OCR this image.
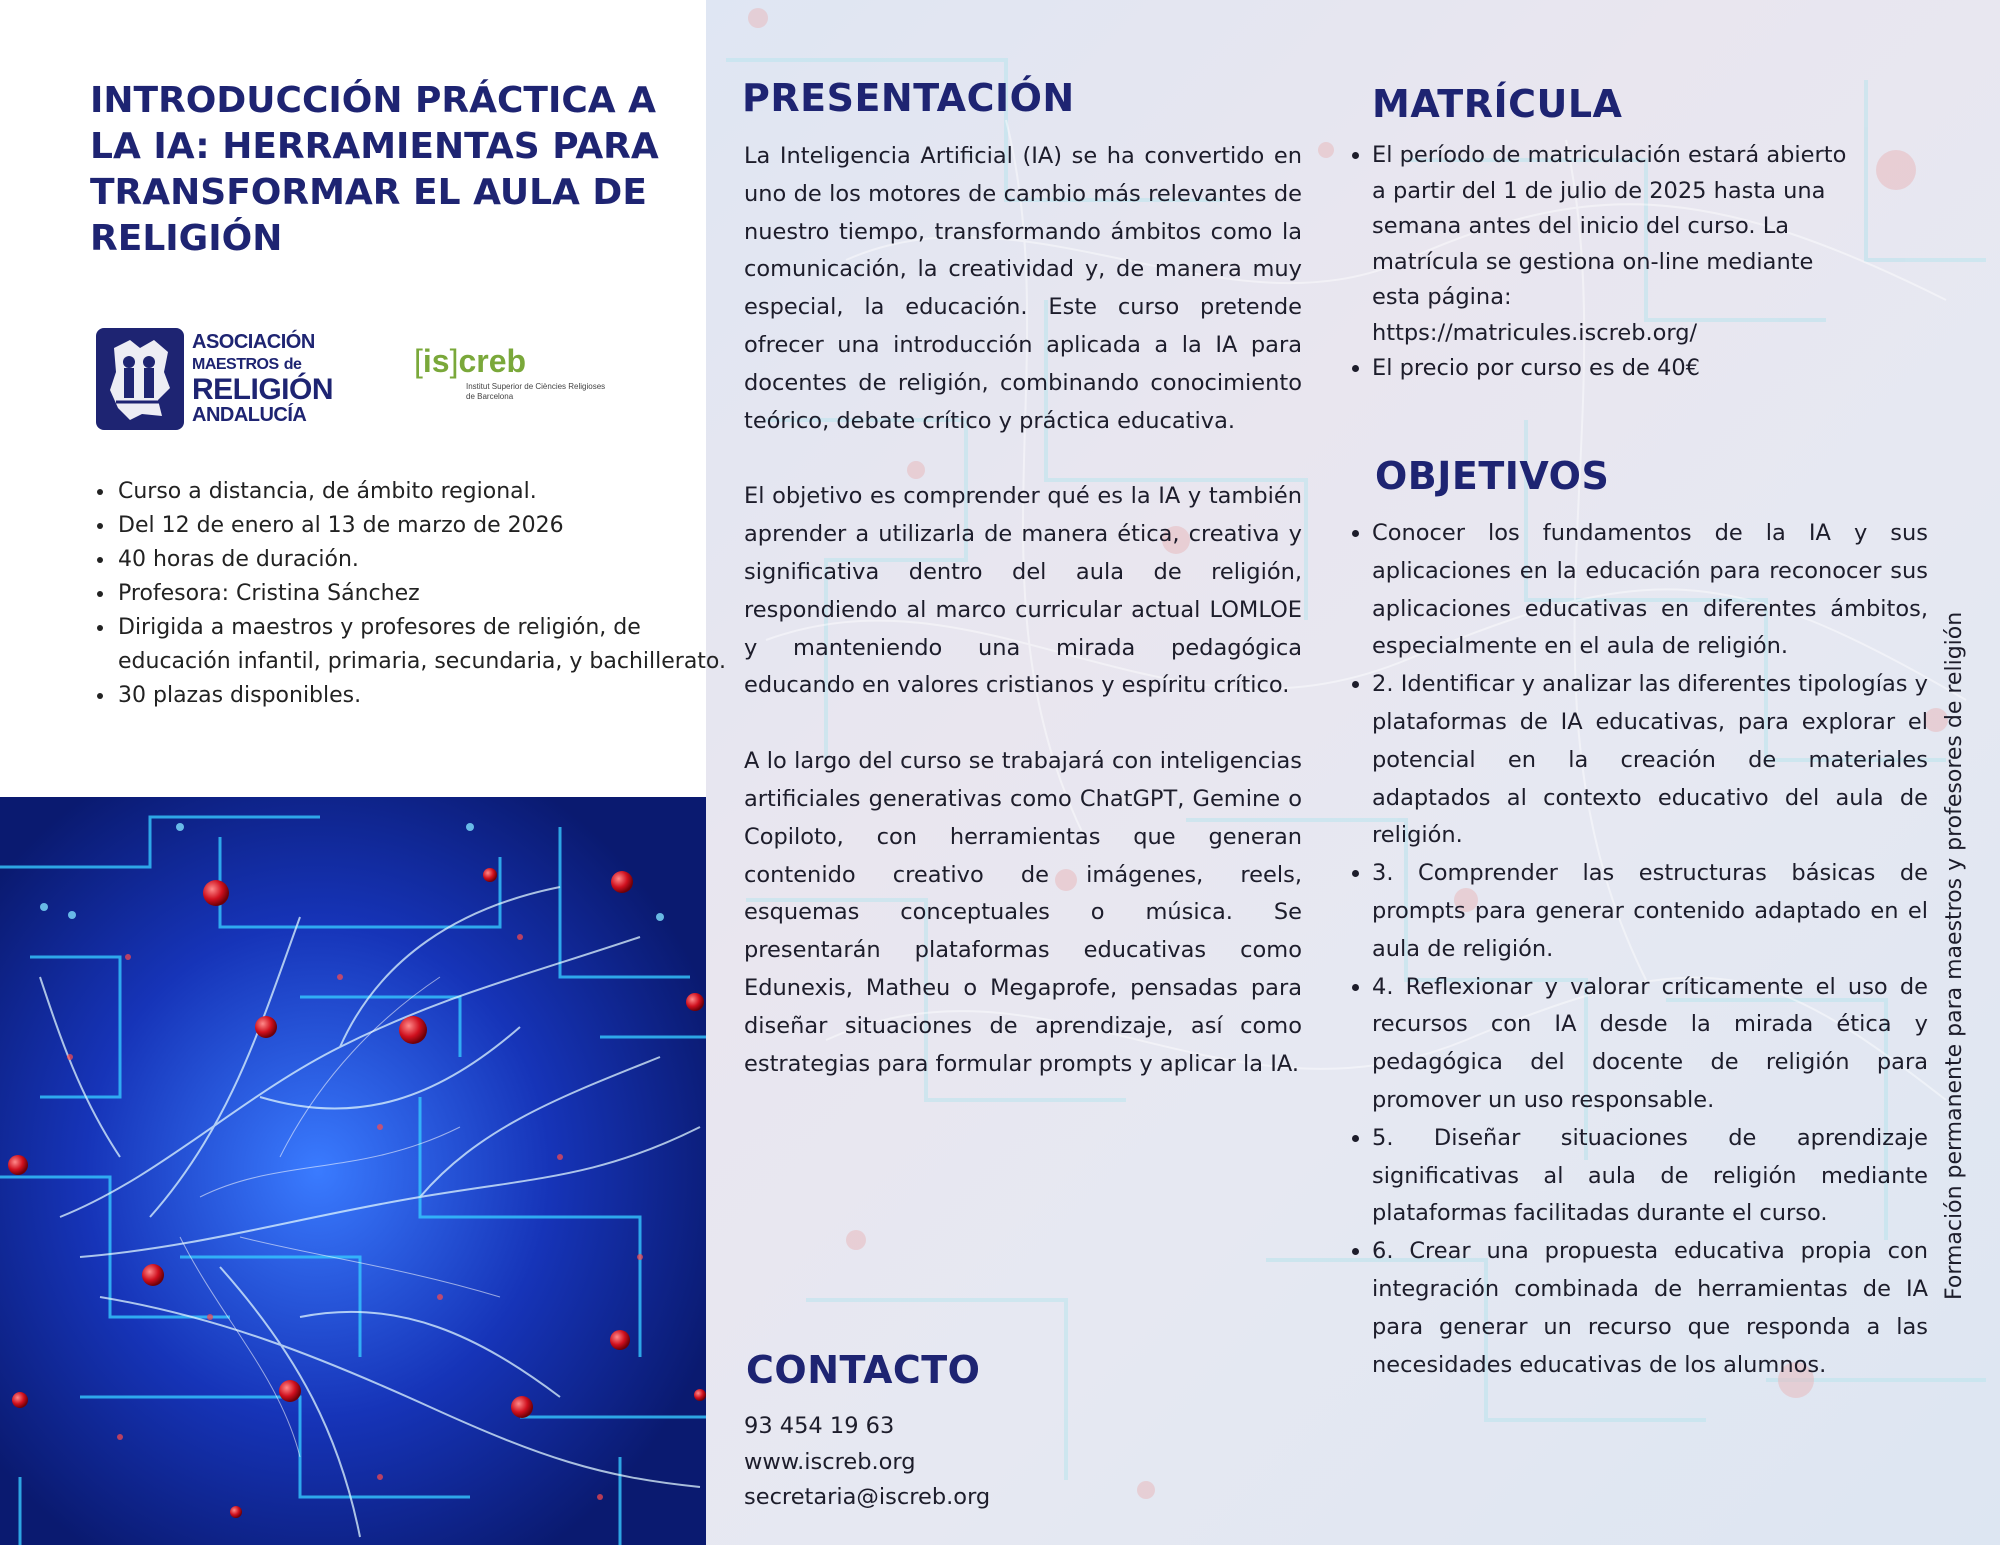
INTRODUCCIÓN PRÁCTICA A LA IA: HERRAMIENTAS PARA TRANSFORMAR EL AULA DE RELIGIÓN
ASOCIACIÓN
MAESTROS de
RELIGIÓN
ANDALUCÍA
[is]creb
Institut Superior de Ciències Religioses de Barcelona
• Curso a distancia, de ámbito regional.
• Del 12 de enero al 13 de marzo de 2026
• 40 horas de duración.
• Profesora: Cristina Sánchez
• Dirigida a maestros y profesores de religión, de educación infantil, primaria, secundaria, y bachillerato.
• 30 plazas disponibles.
PRESENTACIÓN

La Inteligencia Artificial (IA) se ha convertido en uno de los motores de cambio más relevantes de nuestro tiempo, transformando ámbitos como la comunicación, la creatividad y, de manera muy especial, la educación. Este curso pretende ofrecer una introducción aplicada a la IA para docentes de religión, combinando conocimiento teórico, debate crítico y práctica educativa.

El objetivo es comprender qué es la IA y también aprender a utilizarla de manera ética, creativa y significativa dentro del aula de religión, respondiendo al marco curricular actual LOMLOE y manteniendo una mirada pedagógica educando en valores cristianos y espíritu crítico.

A lo largo del curso se trabajará con inteligencias artificiales generativas como ChatGPT, Gemine o Copiloto, con herramientas que generan contenido creativo de imágenes, reels, esquemas conceptuales o música. Se presentarán plataformas educativas como Edunexis, Matheu o Megaprofe, pensadas para diseñar situaciones de aprendizaje, así como estrategias para formular prompts y aplicar la IA.

CONTACTO
93 454 19 63
www.iscreb.org
secretaria@iscreb.org
MATRÍCULA
• El período de matriculación estará abierto a partir del 1 de julio de 2025 hasta una semana antes del inicio del curso. La matrícula se gestiona on-line mediante esta página:
https://matricules.iscreb.org/
• El precio por curso es de 40€
OBJETIVOS
• Conocer los fundamentos de la IA y sus aplicaciones en la educación para reconocer sus aplicaciones educativas en diferentes ámbitos, especialmente en el aula de religión.
• 2. Identificar y analizar las diferentes tipologías y plataformas de IA educativas, para explorar el potencial en la creación de materiales adaptados al contexto educativo del aula de religión.
• 3. Comprender las estructuras básicas de prompts para generar contenido adaptado en el aula de religión.
• 4. Reflexionar y valorar críticamente el uso de recursos con IA desde la mirada ética y pedagógica del docente de religión para promover un uso responsable.
• 5. Diseñar situaciones de aprendizaje significativas al aula de religión mediante plataformas facilitadas durante el curso.
• 6. Crear una propuesta educativa propia con integración combinada de herramientas de IA para generar un recurso que responda a las necesidades educativas de los alumnos.
Formación permanente para maestros y profesores de religión
